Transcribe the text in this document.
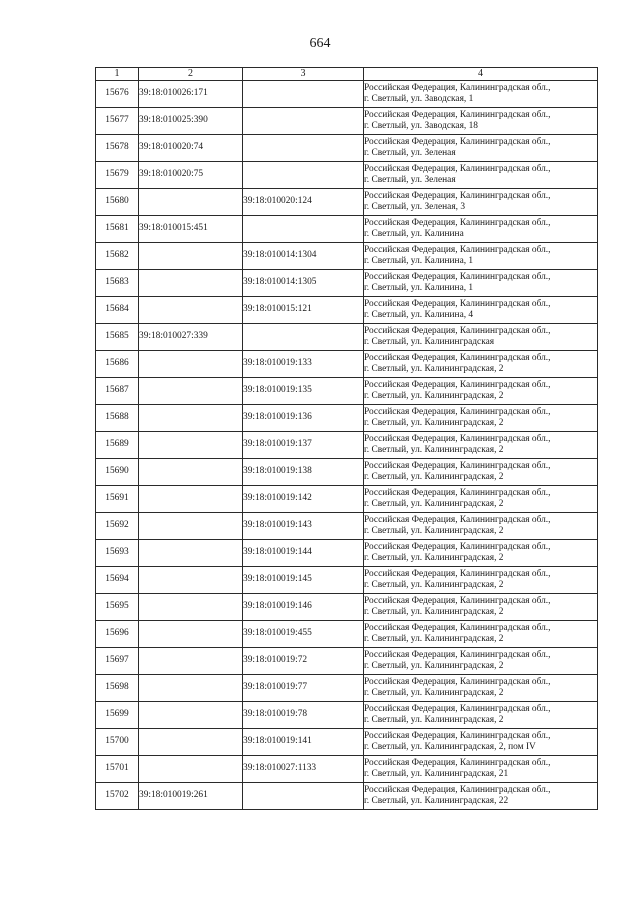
664
1	2	3	4
15676	39:18:010026:171		Российская Федерация, Калининградская обл.,
г. Светлый, ул. Заводская, 1

15677	39:18:010025:390		Российская Федерация, Калининградская обл.,
г. Светлый, ул. Заводская, 18

15678	39:18:010020:74		Российская Федерация, Калининградская обл.,
г. Светлый, ул. Зеленая

15679	39:18:010020:75		Российская Федерация, Калининградская обл.,
г. Светлый, ул. Зеленая

15680		39:18:010020:124	Российская Федерация, Калининградская обл.,
г. Светлый, ул. Зеленая, 3

15681	39:18:010015:451		Российская Федерация, Калининградская обл.,
г. Светлый, ул. Калинина

15682		39:18:010014:1304	Российская Федерация, Калининградская обл.,
г. Светлый, ул. Калинина, 1

15683		39:18:010014:1305	Российская Федерация, Калининградская обл.,
г. Светлый, ул. Калинина, 1

15684		39:18:010015:121	Российская Федерация, Калининградская обл.,
г. Светлый, ул. Калинина, 4

15685	39:18:010027:339		Российская Федерация, Калининградская обл.,
г. Светлый, ул. Калининградская

15686		39:18:010019:133	Российская Федерация, Калининградская обл.,
г. Светлый, ул. Калининградская, 2

15687		39:18:010019:135	Российская Федерация, Калининградская обл.,
г. Светлый, ул. Калининградская, 2

15688		39:18:010019:136	Российская Федерация, Калининградская обл.,
г. Светлый, ул. Калининградская, 2

15689		39:18:010019:137	Российская Федерация, Калининградская обл.,
г. Светлый, ул. Калининградская, 2

15690		39:18:010019:138	Российская Федерация, Калининградская обл.,
г. Светлый, ул. Калининградская, 2

15691		39:18:010019:142	Российская Федерация, Калининградская обл.,
г. Светлый, ул. Калининградская, 2

15692		39:18:010019:143	Российская Федерация, Калининградская обл.,
г. Светлый, ул. Калининградская, 2

15693		39:18:010019:144	Российская Федерация, Калининградская обл.,
г. Светлый, ул. Калининградская, 2

15694		39:18:010019:145	Российская Федерация, Калининградская обл.,
г. Светлый, ул. Калининградская, 2

15695		39:18:010019:146	Российская Федерация, Калининградская обл.,
г. Светлый, ул. Калининградская, 2

15696		39:18:010019:455	Российская Федерация, Калининградская обл.,
г. Светлый, ул. Калининградская, 2

15697		39:18:010019:72	Российская Федерация, Калининградская обл.,
г. Светлый, ул. Калининградская, 2

15698		39:18:010019:77	Российская Федерация, Калининградская обл.,
г. Светлый, ул. Калининградская, 2

15699		39:18:010019:78	Российская Федерация, Калининградская обл.,
г. Светлый, ул. Калининградская, 2

15700		39:18:010019:141	Российская Федерация, Калининградская обл.,
г. Светлый, ул. Калининградская, 2, пом IV

15701		39:18:010027:1133	Российская Федерация, Калининградская обл.,
г. Светлый, ул. Калининградская, 21

15702	39:18:010019:261		Российская Федерация, Калининградская обл.,
г. Светлый, ул. Калининградская, 22
